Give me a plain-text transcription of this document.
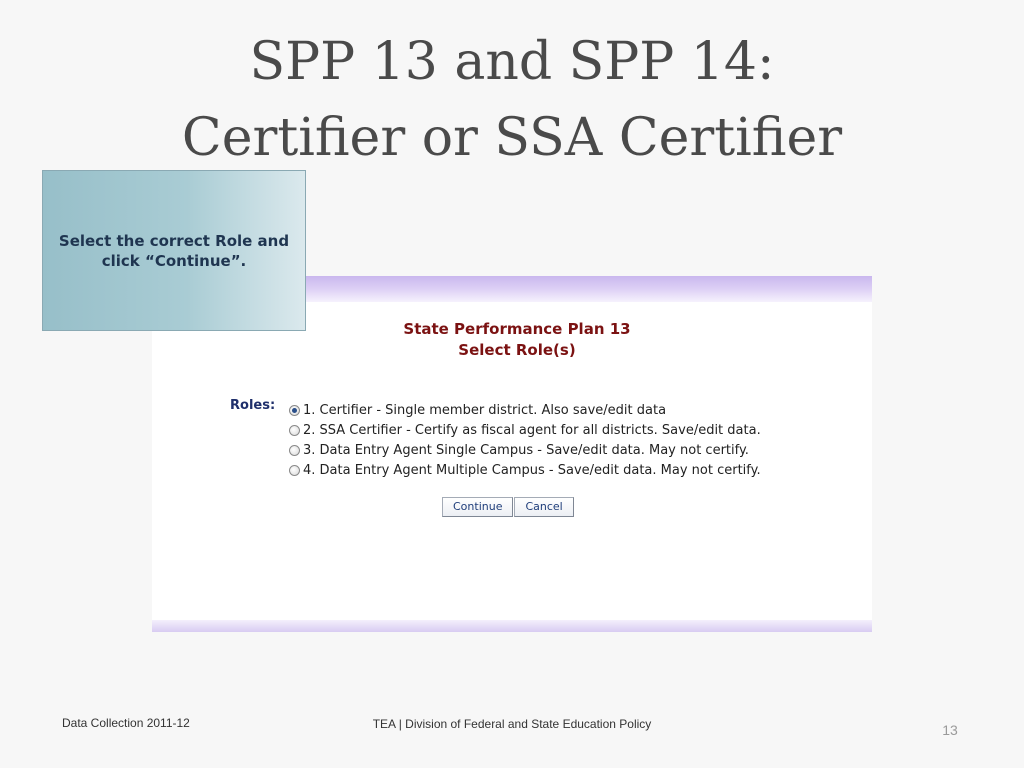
SPP 13 and SPP 14:
Certifier or SSA Certifier
Select the correct Role and click “Continue”.
State Performance Plan 13
Select Role(s)
Roles: 1. Certifier - Single member district. Also save/edit data
2. SSA Certifier - Certify as fiscal agent for all districts. Save/edit data.
3. Data Entry Agent Single Campus - Save/edit data. May not certify.
4. Data Entry Agent Multiple Campus - Save/edit data. May not certify.
Continue	Cancel
Data Collection 2011-12	TEA | Division of Federal and State Education Policy	13
